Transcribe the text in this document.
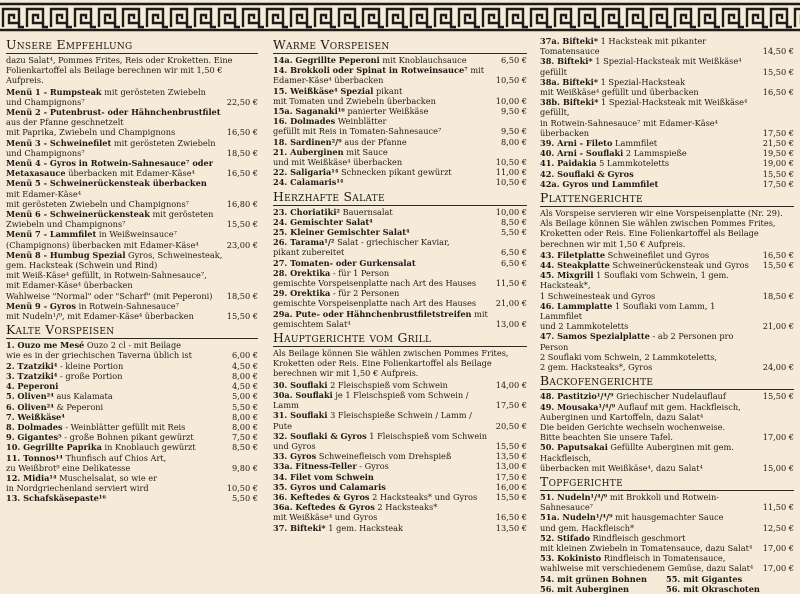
Unsere Empfehlung
dazu Salat⁴, Pommes Frites, Reis oder Kroketten. Eine Folienkartoffel als Beilage berechnen wir mit 1,50 € Aufpreis.
Menü 1 - Rumpsteak mit gerösteten Zwiebeln und Champignons⁷	22,50 €
Menü 2 - Putenbrust- oder Hähnchenbrustfilet aus der Pfanne geschnetzelt
mit Paprika, Zwiebeln und Champignons	16,50 €
Menü 3 - Schweinefilet mit gerösteten Zwiebeln und Champignons⁷	18,50 €
Menü 4 - Gyros in Rotwein-Sahnesauce⁷ oder Metaxasauce überbacken mit Edamer-Käse⁴	16,50 €
Menü 5 - Schweinerückensteak überbacken mit Edamer-Käse⁴
mit gerösteten Zwiebeln und Champignons⁷	16,80 €
Menü 6 - Schweinerückensteak mit gerösteten Zwiebeln und Champignons⁷	15,50 €
Menü 7 - Lammfilet in Weißweinsauce⁷ (Champignons) überbacken mit Edamer-Käse⁴	23,00 €
Menü 8 - Humbug Spezial Gyros, Schweinesteak, gem. Hacksteak (Schwein und Rind)
mit Weiß-Käse⁴ gefüllt, in Rotwein-Sahnesauce⁷, mit Edamer-Käse⁴ überbacken
Wahlweise "Normal" oder "Scharf" (mit Peperoni)	18,50 €
Menü 9 - Gyros in Rotwein-Sahnesauce⁷
mit Nudeln¹/⁹, mit Edamer-Käse⁴ überbacken	15,50 €
Kalte Vorspeisen
1. Ouzo me Mesé Ouzo 2 cl - mit Beilage
wie es in der griechischen Taverna üblich ist	6,00 €
2. Tzatziki⁴ - kleine Portion	4,50 €
3. Tzatziki⁴ - große Portion	8,00 €
4. Peperoni	4,50 €
5. Oliven²⁴ aus Kalamata	5,00 €
6. Oliven²⁴ & Peperoni	5,50 €
7. Weißkäse⁴	8,00 €
8. Dolmades - Weinblätter gefüllt mit Reis	8,00 €
9. Gigantes⁵ - große Bohnen pikant gewürzt	7,50 €
10. Gegrillte Paprika in Knoblauch gewürzt	8,50 €
11. Tonnos¹⁴ Thunfisch auf Chios Art,
zu Weißbrot⁹ eine Delikatesse	9,80 €
12. Midia¹⁴ Muschelsalat, so wie er
in Nordgriechenland serviert wird	10,50 €
13. Schafskäsepaste¹⁶	5,50 €
Warme Vorspeisen
14a. Gegrillte Peperoni mit Knoblauchsauce	6,50 €
14. Brokkoli oder Spinat in Rotweinsauce⁷ mit Edamer-Käse⁴ überbacken	10,50 €
15. Weißkäse⁴ Spezial pikant
mit Tomaten und Zwiebeln überbacken	10,00 €
15a. Saganaki¹⁶ panierter Weißkäse	9,50 €
16. Dolmades Weinblätter
gefüllt mit Reis in Tomaten-Sahnesauce⁷	9,50 €
18. Sardinen²/⁹ aus der Pfanne	8,00 €
21. Auberginen mit Sauce
und mit Weißkäse⁴ überbacken	10,50 €
22. Saligaria¹⁴ Schnecken pikant gewürzt	11,00 €
24. Calamaris¹⁴	10,50 €
Herzhafte Salate
23. Choriatiki² Bauernsalat	10,00 €
24. Gemischter Salat⁴	8,50 €
25. Kleiner Gemischter Salat⁴	5,50 €
26. Tarama¹/² Salat - griechischer Kaviar,
pikant zubereitet	6,50 €
27. Tomaten- oder Gurkensalat	6,50 €
28. Orektika - für 1 Person
gemischte Vorspeisenplatte nach Art des Hauses	11,50 €
29. Orektika - für 2 Personen
gemischte Vorspeisenplatte nach Art des Hauses	21,00 €
29a. Pute- oder Hähnchenbrustfiletstreifen mit gemischtem Salat⁴	13,00 €
Hauptgerichte vom Grill
Als Beilage können Sie wählen zwischen Pommes Frites, Kroketten oder Reis. Eine Folienkartoffel als Beilage berechnen wir mit 1,50 € Aufpreis.
30. Souflaki 2 Fleischspieß vom Schwein	14,00 €
30a. Souflaki je 1 Fleischspieß vom Schwein / Lamm	17,50 €
31. Souflaki 3 Fleischspieße Schwein / Lamm / Pute	20,50 €
32. Souflaki & Gyros 1 Fleischspieß vom Schwein
und Gyros	15,50 €
33. Gyros Schweinefleisch vom Drehspieß	13,50 €
33a. Fitness-Teller - Gyros	13,00 €
34. Filet vom Schwein	17,50 €
35. Gyros und Calamaris	16,00 €
36. Keftedes & Gyros 2 Hacksteaks* und Gyros	15,50 €
36a. Keftedes & Gyros 2 Hacksteaks*
mit Weißkäse⁴ und Gyros	16,50 €
37. Bifteki* 1 gem. Hacksteak	13,50 €
37a. Bifteki* 1 Hacksteak mit pikanter Tomatensauce	14,50 €
38. Bifteki* 1 Spezial-Hacksteak mit Weißkäse⁴ gefüllt	15,50 €
38a. Bifteki* 1 Spezial-Hacksteak
mit Weißkäse⁴ gefüllt und überbacken	16,50 €
38b. Bifteki* 1 Spezial-Hacksteak mit Weißkäse⁴ gefüllt,
in Rotwein-Sahnesauce⁷ mit Edamer-Käse⁴ überbacken	17,50 €
39. Arni - Fileto Lammfilet	21,50 €
40. Arni - Souflaki 2 Lammspieße	19,50 €
41. Paidakia 5 Lammkoteletts	19,00 €
42. Souflaki & Gyros	15,50 €
42a. Gyros und Lammfilet	17,50 €
Plattengerichte
Als Vorspeise servieren wir eine Vorspeisenplatte (Nr. 29). Als Beilage können Sie wählen zwischen Pommes Frites, Kroketten oder Reis. Eine Folienkartoffel als Beilage berechnen wir mit 1,50 € Aufpreis.
43. Filetplatte Schweinefilet und Gyros	16,50 €
44. Steakplatte Schweinerückensteak und Gyros	15,50 €
45. Mixgrill 1 Souflaki vom Schwein, 1 gem. Hacksteak*,
1 Schweinesteak und Gyros	18,50 €
46. Lammplatte 1 Souflaki vom Lamm, 1 Lammfilet
und 2 Lammkoteletts	21,00 €
47. Samos Spezialplatte - ab 2 Personen pro Person
2 Souflaki vom Schwein, 2 Lammkoteletts,
2 gem. Hacksteaks*, Gyros	24,00 €
Backofengerichte
48. Pastitzio¹/⁴/⁹ Griechischer Nudelauflauf	15,50 €
49. Mousaka¹/⁴/⁹ Auflauf mit gem. Hackfleisch,
Auberginen und Kartoffeln, dazu Salat⁴
Die beiden Gerichte wechseln wochenweise.
Bitte beachten Sie unsere Tafel.	17,00 €
50. Paputsakai Gefüllte Auberginen mit gem. Hackfleisch,
überbacken mit Weißkäse⁴, dazu Salat⁴	15,00 €
Topfgerichte
51. Nudeln¹/⁴/⁹ mit Brokkoli und Rotwein-Sahnesauce⁷	11,50 €
51a. Nudeln¹/⁴/⁹ mit hausgemachter Sauce
und gem. Hackfleisch*	12,50 €
52. Stifado Rindfleisch geschmort
mit kleinen Zwiebeln in Tomatensauce, dazu Salat⁴	17,00 €
53. Kokinisto Rindfleisch in Tomatensauce,
wahlweise mit verschiedenem Gemüse, dazu Salat⁴	17,00 €
54. mit grünen Bohnen 55. mit Gigantes
56. mit Auberginen	56. mit Okraschoten
